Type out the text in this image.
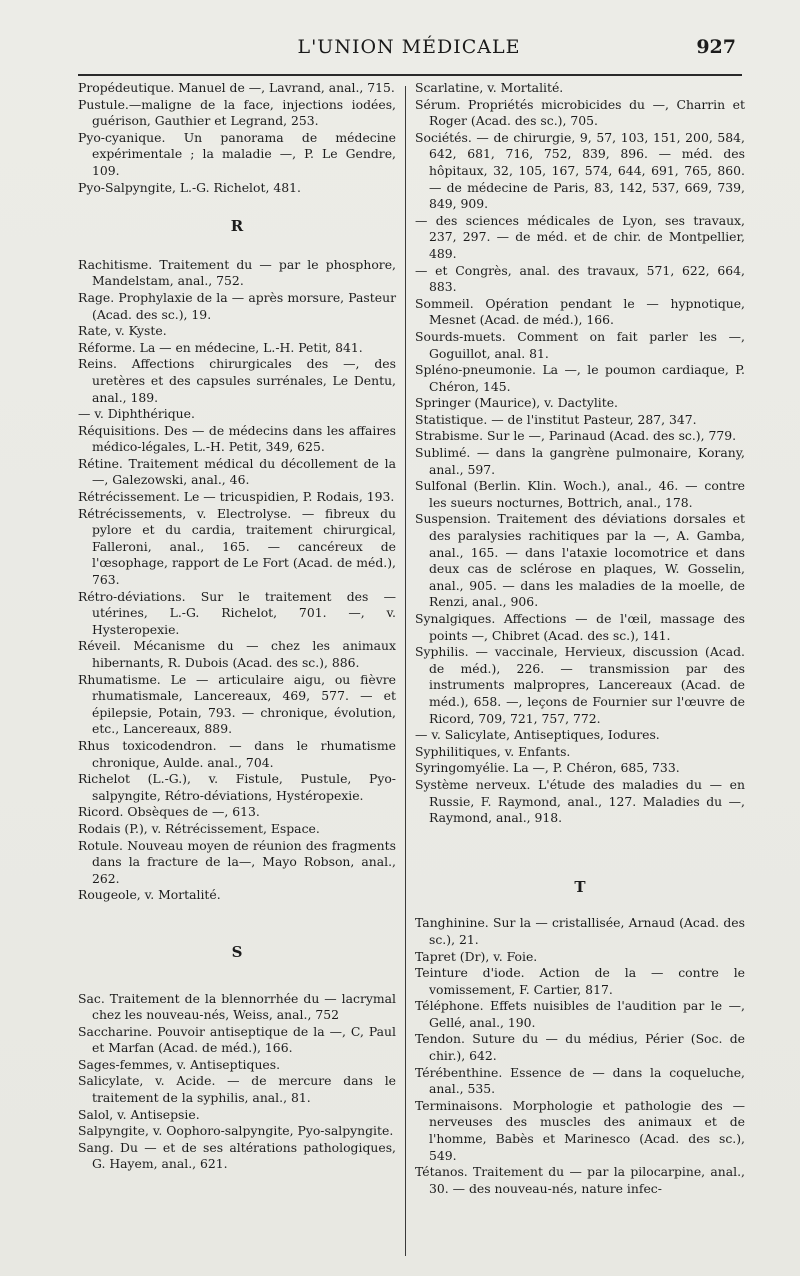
L'UNION MÉDICALE	927

Propédeutique. Manuel de —, Lavrand, anal., 715.

Pustule.—maligne de la face, injections iodées, guérison, Gauthier et Legrand, 253.

Pyo-cyanique. Un panorama de médecine expérimentale ; la maladie —, P. Le Gendre, 109.

Pyo-Salpyngite, L.-G. Richelot, 481.

R

Rachitisme. Traitement du — par le phosphore, Mandelstam, anal., 752.

Rage. Prophylaxie de la — après morsure, Pasteur (Acad. des sc.), 19.

Rate, v. Kyste.

Réforme. La — en médecine, L.-H. Petit, 841.

Reins. Affections chirurgicales des —, des uretères et des capsules surrénales, Le Dentu, anal., 189.

— v. Diphthérique.

Réquisitions. Des — de médecins dans les affaires médico-légales, L.-H. Petit, 349, 625.

Rétine. Traitement médical du décollement de la —, Galezowski, anal., 46.

Rétrécissement. Le — tricuspidien, P. Rodais, 193.

Rétrécissements, v. Electrolyse. — fibreux du pylore et du cardia, traitement chirurgical, Falleroni, anal., 165. — cancéreux de l'œsophage, rapport de Le Fort (Acad. de méd.), 763.

Rétro-déviations. Sur le traitement des — utérines, L.-G. Richelot, 701. —, v. Hysteropexie.

Réveil. Mécanisme du — chez les animaux hibernants, R. Dubois (Acad. des sc.), 886.

Rhumatisme. Le — articulaire aigu, ou fièvre rhumatismale, Lancereaux, 469, 577. — et épilepsie, Potain, 793. — chronique, évolution, etc., Lancereaux, 889.

Rhus toxicodendron. — dans le rhumatisme chronique, Aulde. anal., 704.

Richelot (L.-G.), v. Fistule, Pustule, Pyo-salpyngite, Rétro-déviations, Hystéropexie.

Ricord. Obsèques de —, 613.

Rodais (P.), v. Rétrécissement, Espace.

Rotule. Nouveau moyen de réunion des fragments dans la fracture de la—, Mayo Robson, anal., 262.

Rougeole, v. Mortalité.

S

Sac. Traitement de la blennorrhée du — lacrymal chez les nouveau-nés, Weiss, anal., 752

Saccharine. Pouvoir antiseptique de la —, C, Paul et Marfan (Acad. de méd.), 166.

Sages-femmes, v. Antiseptiques.

Salicylate, v. Acide. — de mercure dans le traitement de la syphilis, anal., 81.

Salol, v. Antisepsie.

Salpyngite, v. Oophoro-salpyngite, Pyo-salpyngite.

Sang. Du — et de ses altérations pathologiques, G. Hayem, anal., 621.

Scarlatine, v. Mortalité.

Sérum. Propriétés microbicides du —, Charrin et Roger (Acad. des sc.), 705.

Sociétés. — de chirurgie, 9, 57, 103, 151, 200, 584, 642, 681, 716, 752, 839, 896. — méd. des hôpitaux, 32, 105, 167, 574, 644, 691, 765, 860. — de médecine de Paris, 83, 142, 537, 669, 739, 849, 909.

— des sciences médicales de Lyon, ses travaux, 237, 297. — de méd. et de chir. de Montpellier, 489.

— et Congrès, anal. des travaux, 571, 622, 664, 883.

Sommeil. Opération pendant le — hypnotique, Mesnet (Acad. de méd.), 166.

Sourds-muets. Comment on fait parler les —, Goguillot, anal. 81.

Spléno-pneumonie. La —, le poumon cardiaque, P. Chéron, 145.

Springer (Maurice), v. Dactylite.

Statistique. — de l'institut Pasteur, 287, 347.

Strabisme. Sur le —, Parinaud (Acad. des sc.), 779.

Sublimé. — dans la gangrène pulmonaire, Korany, anal., 597.

Sulfonal (Berlin. Klin. Woch.), anal., 46. — contre les sueurs nocturnes, Bottrich, anal., 178.

Suspension. Traitement des déviations dorsales et des paralysies rachitiques par la —, A. Gamba, anal., 165. — dans l'ataxie locomotrice et dans deux cas de sclérose en plaques, W. Gosselin, anal., 905. — dans les maladies de la moelle, de Renzi, anal., 906.

Synalgiques. Affections — de l'œil, massage des points —, Chibret (Acad. des sc.), 141.

Syphilis. — vaccinale, Hervieux, discussion (Acad. de méd.), 226. — transmission par des instruments malpropres, Lancereaux (Acad. de méd.), 658. —, leçons de Fournier sur l'œuvre de Ricord, 709, 721, 757, 772.

— v. Salicylate, Antiseptiques, Iodures.

Syphilitiques, v. Enfants.

Syringomyélie. La —, P. Chéron, 685, 733.

Système nerveux. L'étude des maladies du — en Russie, F. Raymond, anal., 127. Maladies du —, Raymond, anal., 918.

T

Tanghinine. Sur la — cristallisée, Arnaud (Acad. des sc.), 21.

Tapret (Dr), v. Foie.

Teinture d'iode. Action de la — contre le vomissement, F. Cartier, 817.

Téléphone. Effets nuisibles de l'audition par le —, Gellé, anal., 190.

Tendon. Suture du — du médius, Périer (Soc. de chir.), 642.

Térébenthine. Essence de — dans la coqueluche, anal., 535.

Terminaisons. Morphologie et pathologie des — nerveuses des muscles des animaux et de l'homme, Babès et Marinesco (Acad. des sc.), 549.

Tétanos. Traitement du — par la pilocarpine, anal., 30. — des nouveau-nés, nature infec-
